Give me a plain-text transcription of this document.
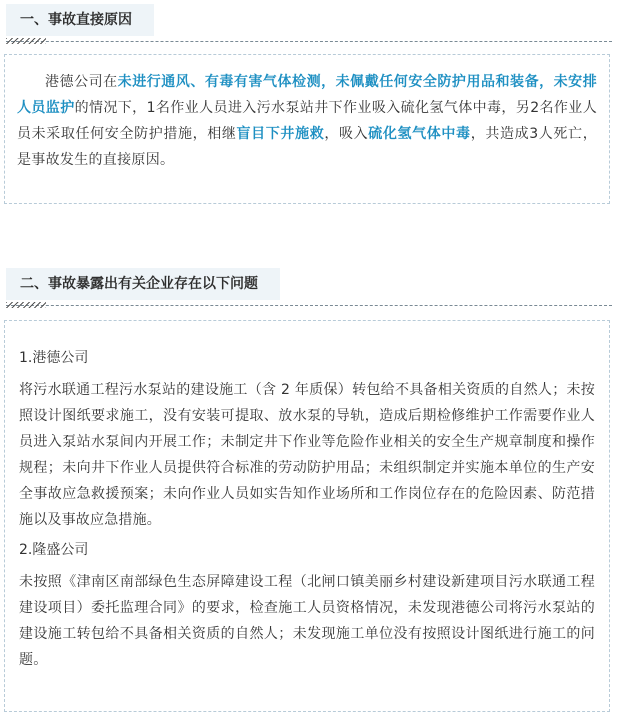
一、事故直接原因

港德公司在未进行通风、有毒有害气体检测，未佩戴任何安全防护用品和装备，未安排人员监护的情况下，1名作业人员进入污水泵站井下作业吸入硫化氢气体中毒，另2名作业人员未采取任何安全防护措施，相继盲目下井施救，吸入硫化氢气体中毒，共造成3人死亡，是事故发生的直接原因。

二、事故暴露出有关企业存在以下问题

1.港德公司

将污水联通工程污水泵站的建设施工（含 2 年质保）转包给不具备相关资质的自然人；未按照设计图纸要求施工，没有安装可提取、放水泵的导轨，造成后期检修维护工作需要作业人员进入泵站水泵间内开展工作；未制定井下作业等危险作业相关的安全生产规章制度和操作规程；未向井下作业人员提供符合标准的劳动防护用品；未组织制定并实施本单位的生产安全事故应急救援预案；未向作业人员如实告知作业场所和工作岗位存在的危险因素、防范措施以及事故应急措施。

2.隆盛公司

未按照《津南区南部绿色生态屏障建设工程（北闸口镇美丽乡村建设新建项目污水联通工程建设项目）委托监理合同》的要求，检查施工人员资格情况，未发现港德公司将污水泵站的建设施工转包给不具备相关资质的自然人；未发现施工单位没有按照设计图纸进行施工的问题。
